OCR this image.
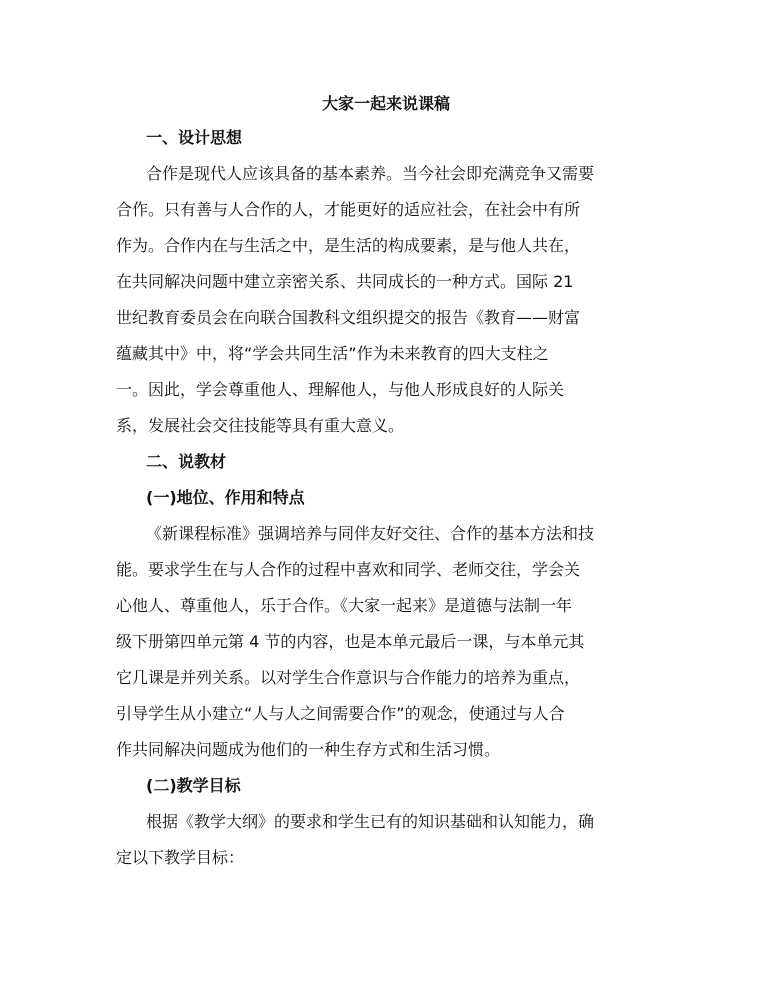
大家一起来说课稿
一、设计思想
合作是现代人应该具备的基本素养。当今社会即充满竞争又需要
合作。只有善与人合作的人，才能更好的适应社会，在社会中有所
作为。合作内在与生活之中，是生活的构成要素，是与他人共在，
在共同解决问题中建立亲密关系、共同成长的一种方式。国际 21
世纪教育委员会在向联合国教科文组织提交的报告《教育——财富
蕴藏其中》中，将“学会共同生活”作为未来教育的四大支柱之
一。因此，学会尊重他人、理解他人，与他人形成良好的人际关
系，发展社会交往技能等具有重大意义。
二、说教材
(一)地位、作用和特点
《新课程标准》强调培养与同伴友好交往、合作的基本方法和技
能。要求学生在与人合作的过程中喜欢和同学、老师交往，学会关
心他人、尊重他人，乐于合作。《大家一起来》是道德与法制一年
级下册第四单元第 4 节的内容，也是本单元最后一课，与本单元其
它几课是并列关系。以对学生合作意识与合作能力的培养为重点，
引导学生从小建立“人与人之间需要合作”的观念，使通过与人合
作共同解决问题成为他们的一种生存方式和生活习惯。
(二)教学目标
根据《教学大纲》的要求和学生已有的知识基础和认知能力，确
定以下教学目标：
